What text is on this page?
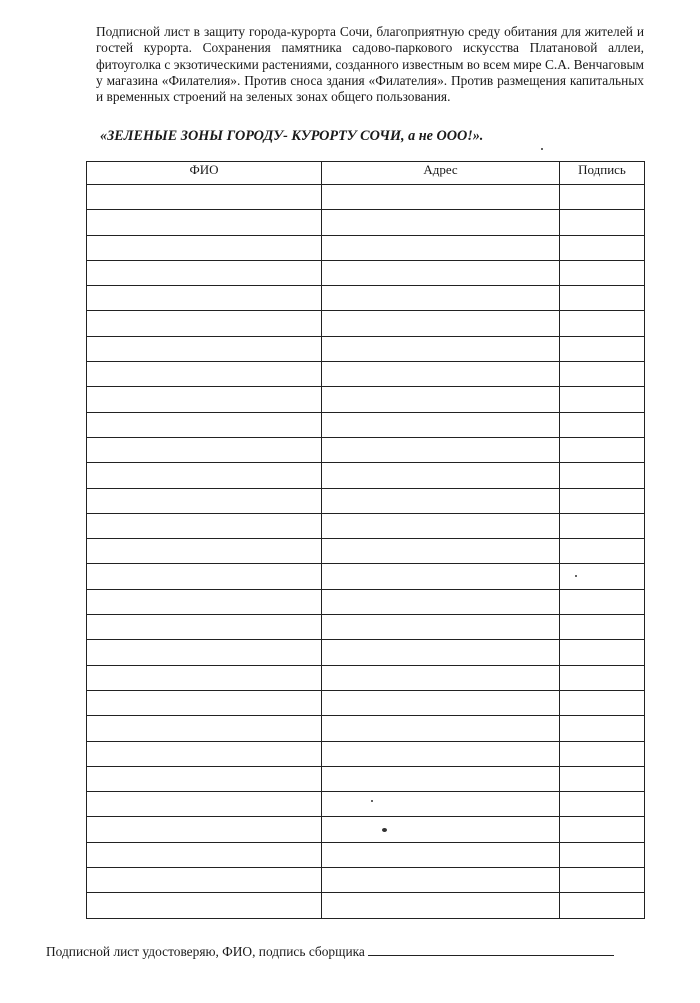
Подписной лист в защиту города-курорта Сочи, благоприятную среду обитания для жителей и гостей курорта. Сохранения памятника садово-паркового искусства Платановой аллеи, фитоуголка с экзотическими растениями, созданного известным во всем мире С.А. Венчаговым у магазина «Филателия». Против сноса здания «Филателия». Против размещения капитальных и временных строений на зеленых зонах общего пользования.

«ЗЕЛЕНЫЕ ЗОНЫ ГОРОДУ- КУРОРТУ СОЧИ, а не ООО!».

ФИО	Адрес	Подпись

Подписной лист удостоверяю, ФИО, подпись сборщика
